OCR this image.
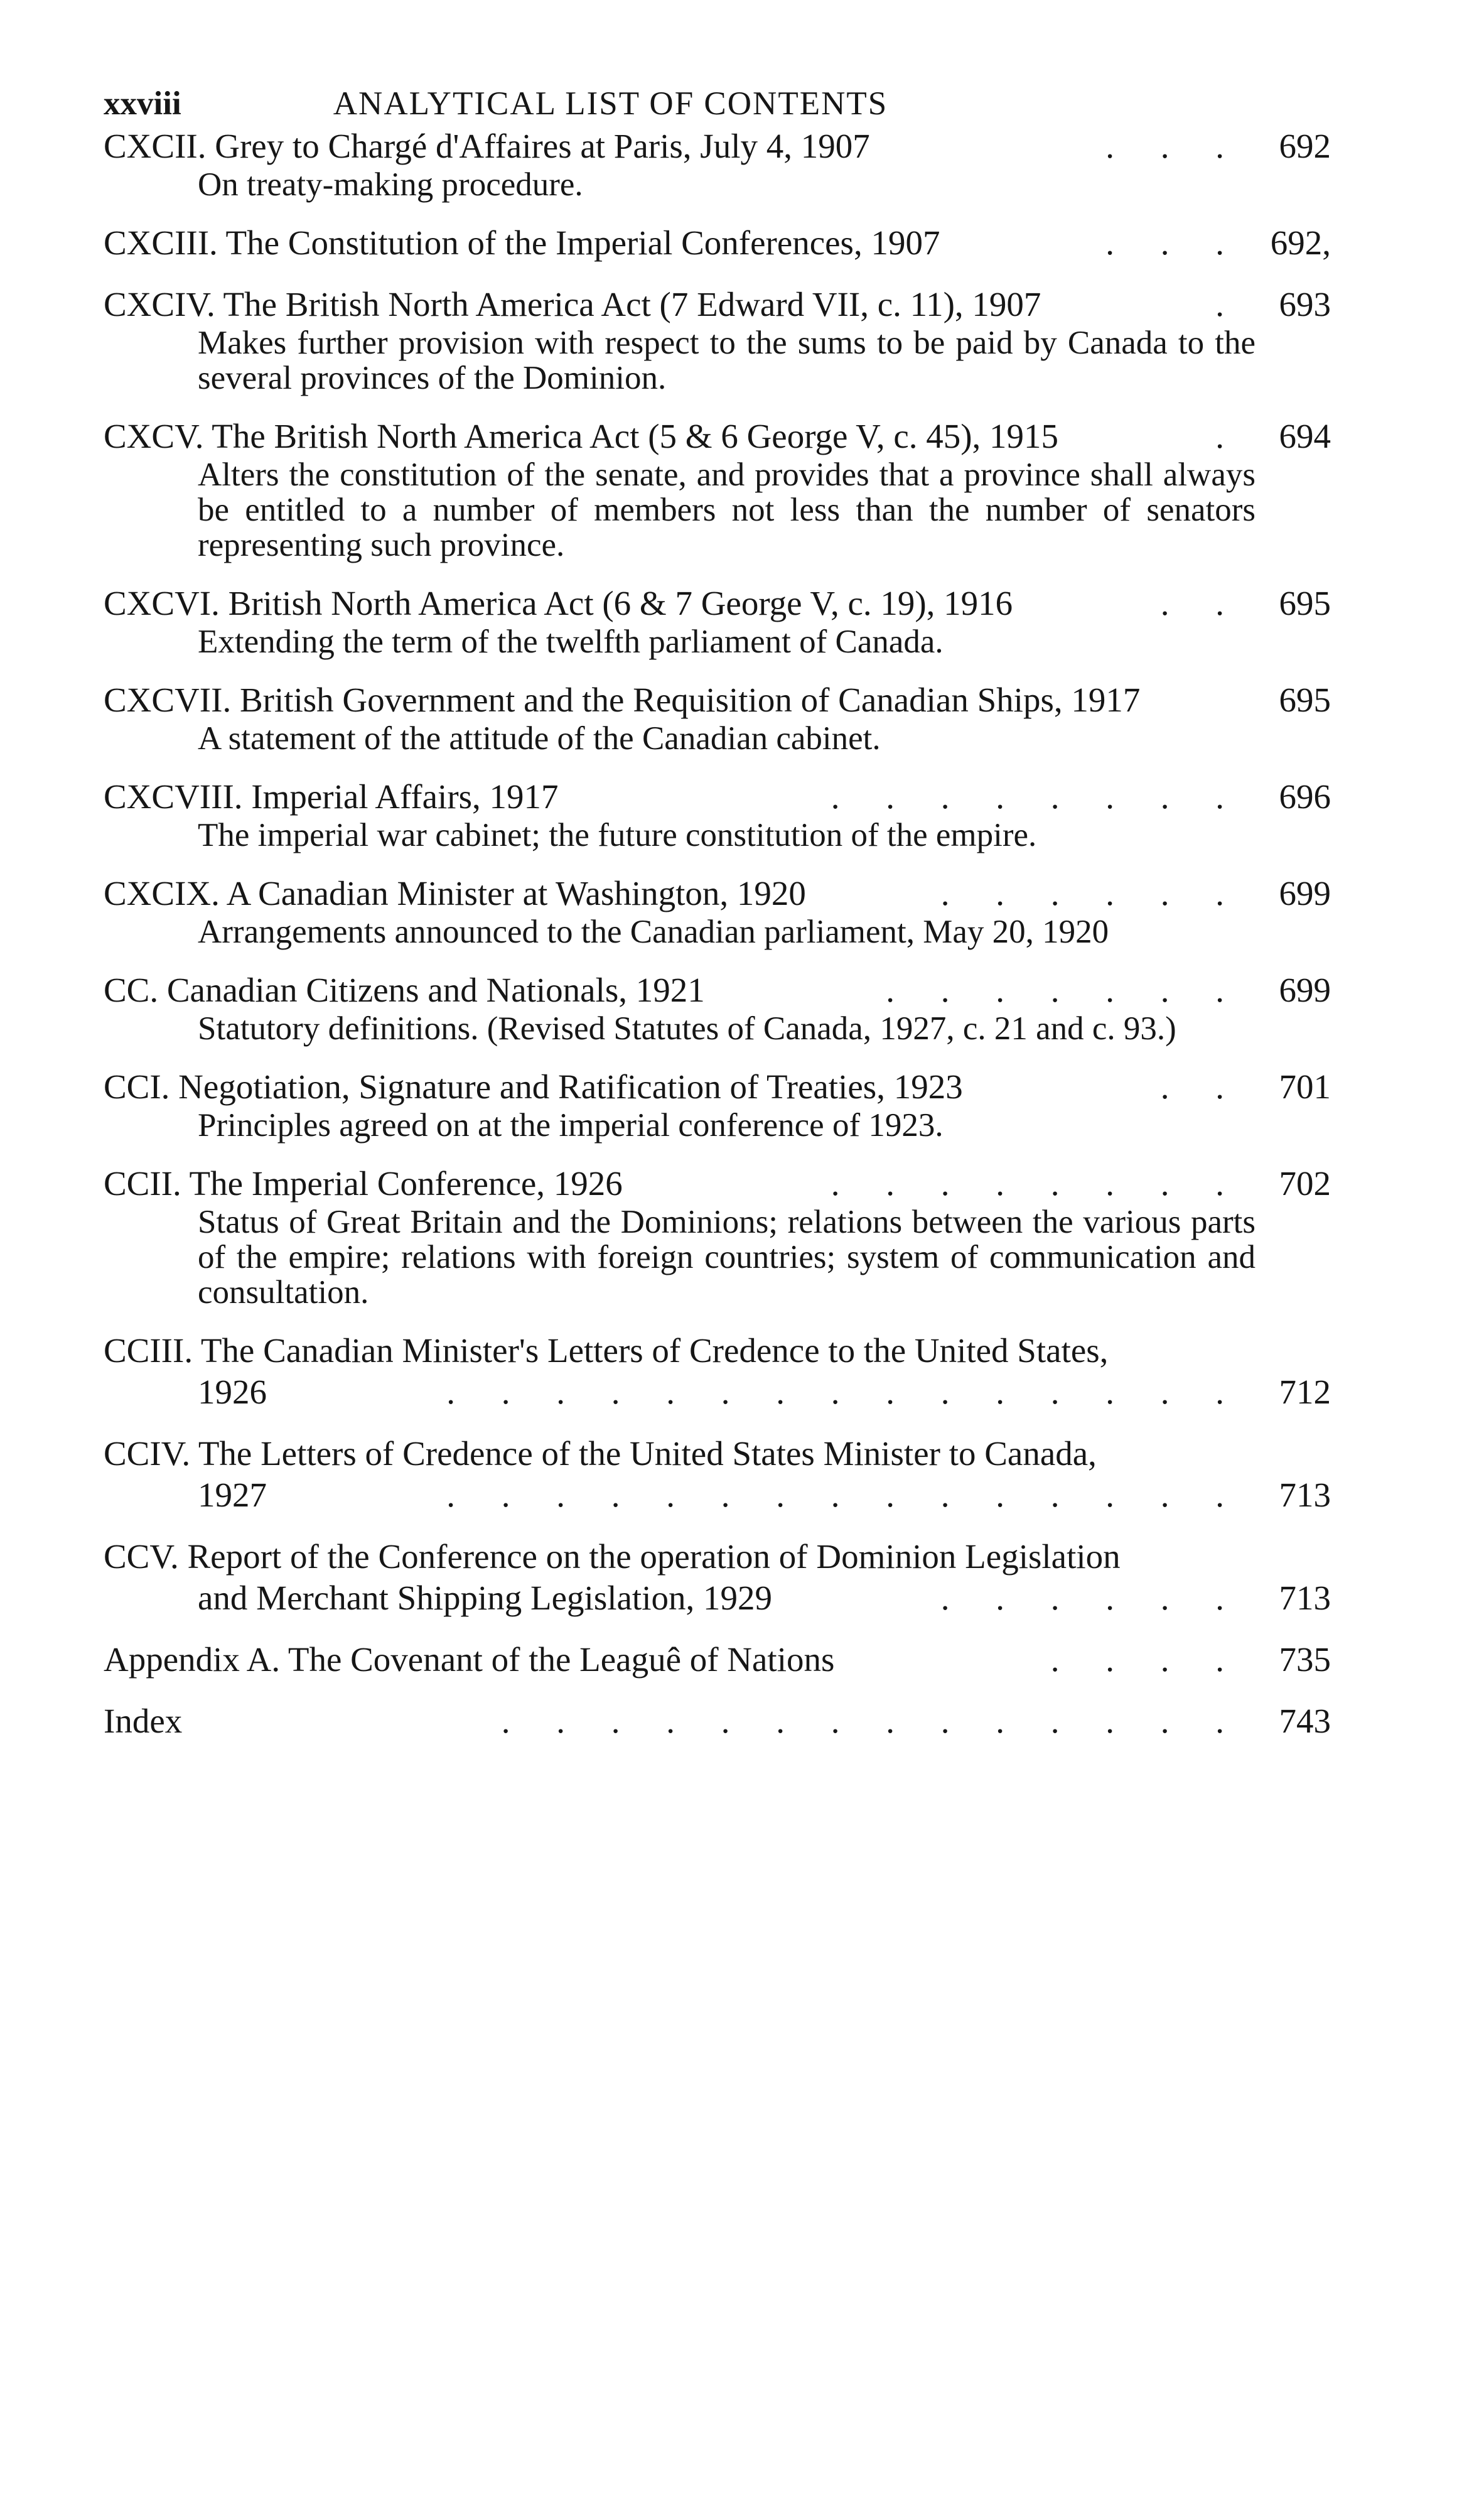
xxviii	ANALYTICAL LIST OF CONTENTS
CXCII. Grey to Chargé d'Affaires at Paris, July 4, 1907	. . .	692
On treaty-making procedure.
CXCIII. The Constitution of the Imperial Conferences, 1907	. . . 692,
CXCIV. The British North America Act (7 Edward VII, c. 11), 1907	.	693
Makes further provision with respect to the sums to be paid by Canada to the several provinces of the Dominion.
CXCV. The British North America Act (5 & 6 George V, c. 45), 1915	.	694
Alters the constitution of the senate, and provides that a province shall always be entitled to a number of members not less than the number of senators representing such province.
CXCVI. British North America Act (6 & 7 George V, c. 19), 1916	. .	695
Extending the term of the twelfth parliament of Canada.
CXCVII. British Government and the Requisition of Canadian Ships, 1917	695
A statement of the attitude of the Canadian cabinet.
CXCVIII. Imperial Affairs, 1917	. . . . . . . .	696
The imperial war cabinet; the future constitution of the empire.
CXCIX. A Canadian Minister at Washington, 1920	. . . . . .	699
Arrangements announced to the Canadian parliament, May 20, 1920
CC. Canadian Citizens and Nationals, 1921	. . . . . . .	699
Statutory definitions. (Revised Statutes of Canada, 1927, c. 21 and c. 93.)
CCI. Negotiation, Signature and Ratification of Treaties, 1923	. .	701
Principles agreed on at the imperial conference of 1923.
CCII. The Imperial Conference, 1926	. . . . . . . .	702
Status of Great Britain and the Dominions; relations between the various parts of the empire; relations with foreign countries; system of communication and consultation.
CCIII. The Canadian Minister's Letters of Credence to the United States,
1926	. . . . . . . . . . . . . . .	712
CCIV. The Letters of Credence of the United States Minister to Canada,
1927	. . . . . . . . . . . . . . .	713
CCV. Report of the Conference on the operation of Dominion Legislation
and Merchant Shipping Legislation, 1929	. . . . . .	713
Appendix A. The Covenant of the Leaguê of Nations	. . . .	735
Index	. . . . . . . . . . . . . .	743
